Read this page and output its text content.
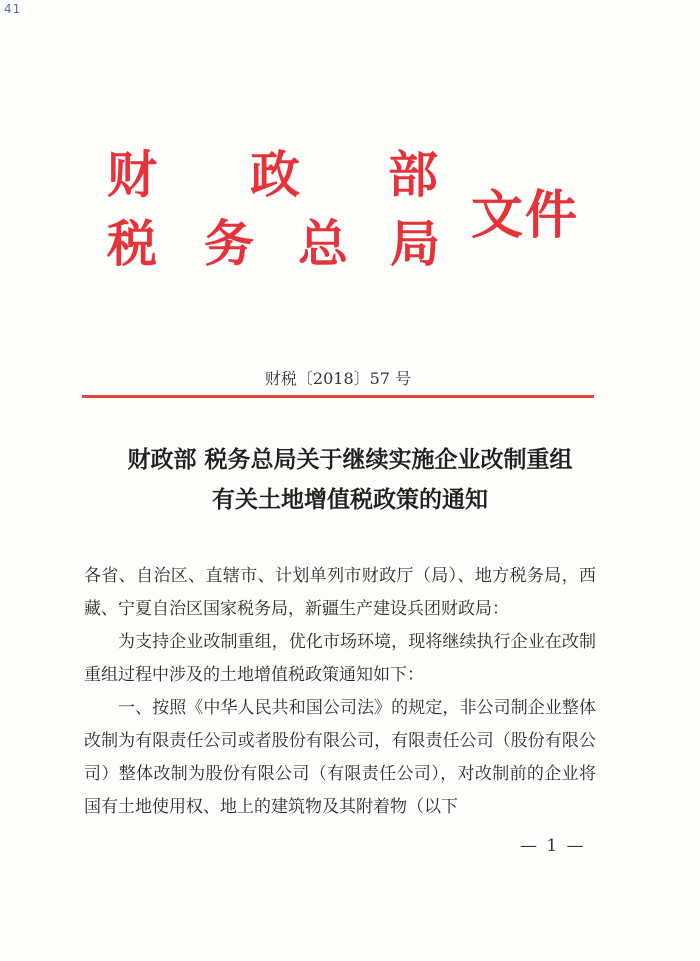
41
财 政 部
税 务 总 局 文件
财税〔2018〕57 号
财政部 税务总局关于继续实施企业改制重组
有关土地增值税政策的通知

各省、自治区、直辖市、计划单列市财政厅（局）、地方税务局，西藏、宁夏自治区国家税务局，新疆生产建设兵团财政局：

为支持企业改制重组，优化市场环境，现将继续执行企业在改制重组过程中涉及的土地增值税政策通知如下：

一、按照《中华人民共和国公司法》的规定，非公司制企业整体改制为有限责任公司或者股份有限公司，有限责任公司（股份有限公司）整体改制为股份有限公司（有限责任公司），对改制前的企业将国有土地使用权、地上的建筑物及其附着物（以下

— 1 —
